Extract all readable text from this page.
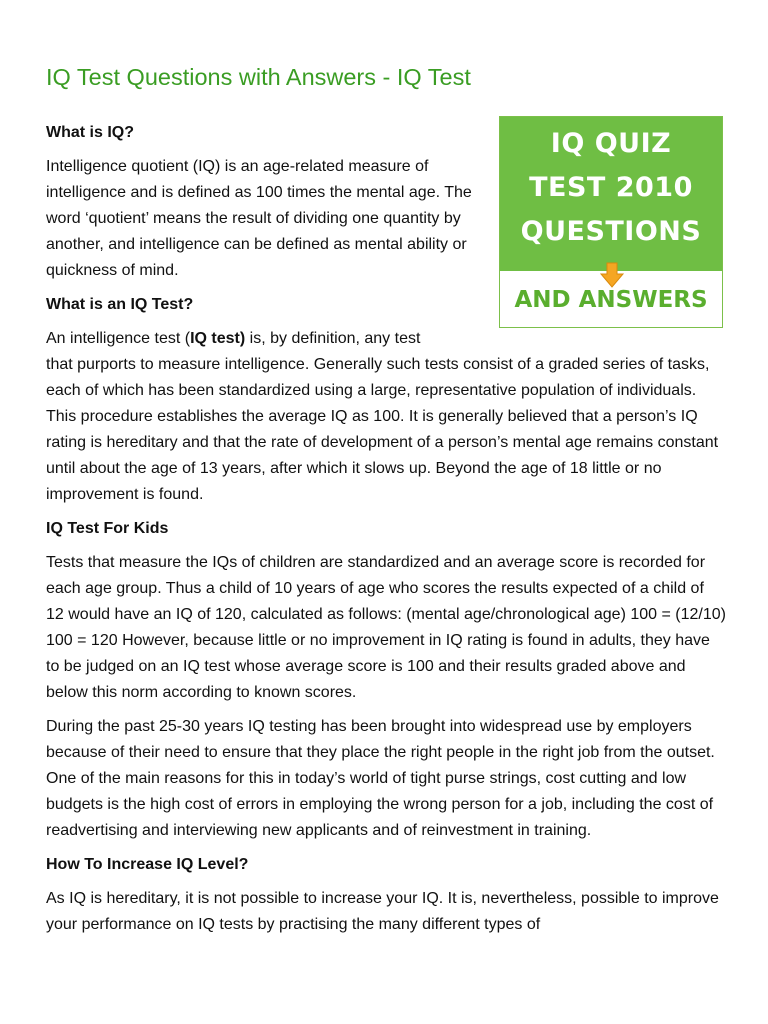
IQ Test Questions with Answers - IQ Test
IQ QUIZ
TEST 2010
QUESTIONS
AND ANSWERS
What is IQ?

Intelligence quotient (IQ) is an age-related measure of intelligence and is defined as 100 times the mental age. The word ‘quotient’ means the result of dividing one quantity by another, and intelligence can be defined as mental ability or quickness of mind.

What is an IQ Test?

An intelligence test (IQ test) is, by definition, any test
that purports to measure intelligence. Generally such tests consist of a graded series of tasks, each of which has been standardized using a large, representative population of individuals. This procedure establishes the average IQ as 100. It is generally believed that a person’s IQ rating is hereditary and that the rate of development of a person’s mental age remains constant until about the age of 13 years, after which it slows up. Beyond the age of 18 little or no improvement is found.

IQ Test For Kids

Tests that measure the IQs of children are standardized and an average score is recorded for each age group. Thus a child of 10 years of age who scores the results expected of a child of 12 would have an IQ of 120, calculated as follows: (mental age/chronological age) 100 = (12/10) 100 = 120 However, because little or no improvement in IQ rating is found in adults, they have to be judged on an IQ test whose average score is 100 and their results graded above and below this norm according to known scores.

During the past 25-30 years IQ testing has been brought into widespread use by employers because of their need to ensure that they place the right people in the right job from the outset. One of the main reasons for this in today’s world of tight purse strings, cost cutting and low budgets is the high cost of errors in employing the wrong person for a job, including the cost of readvertising and interviewing new applicants and of reinvestment in training.

How To Increase IQ Level?

As IQ is hereditary, it is not possible to increase your IQ. It is, nevertheless, possible to improve your performance on IQ tests by practising the many different types of
